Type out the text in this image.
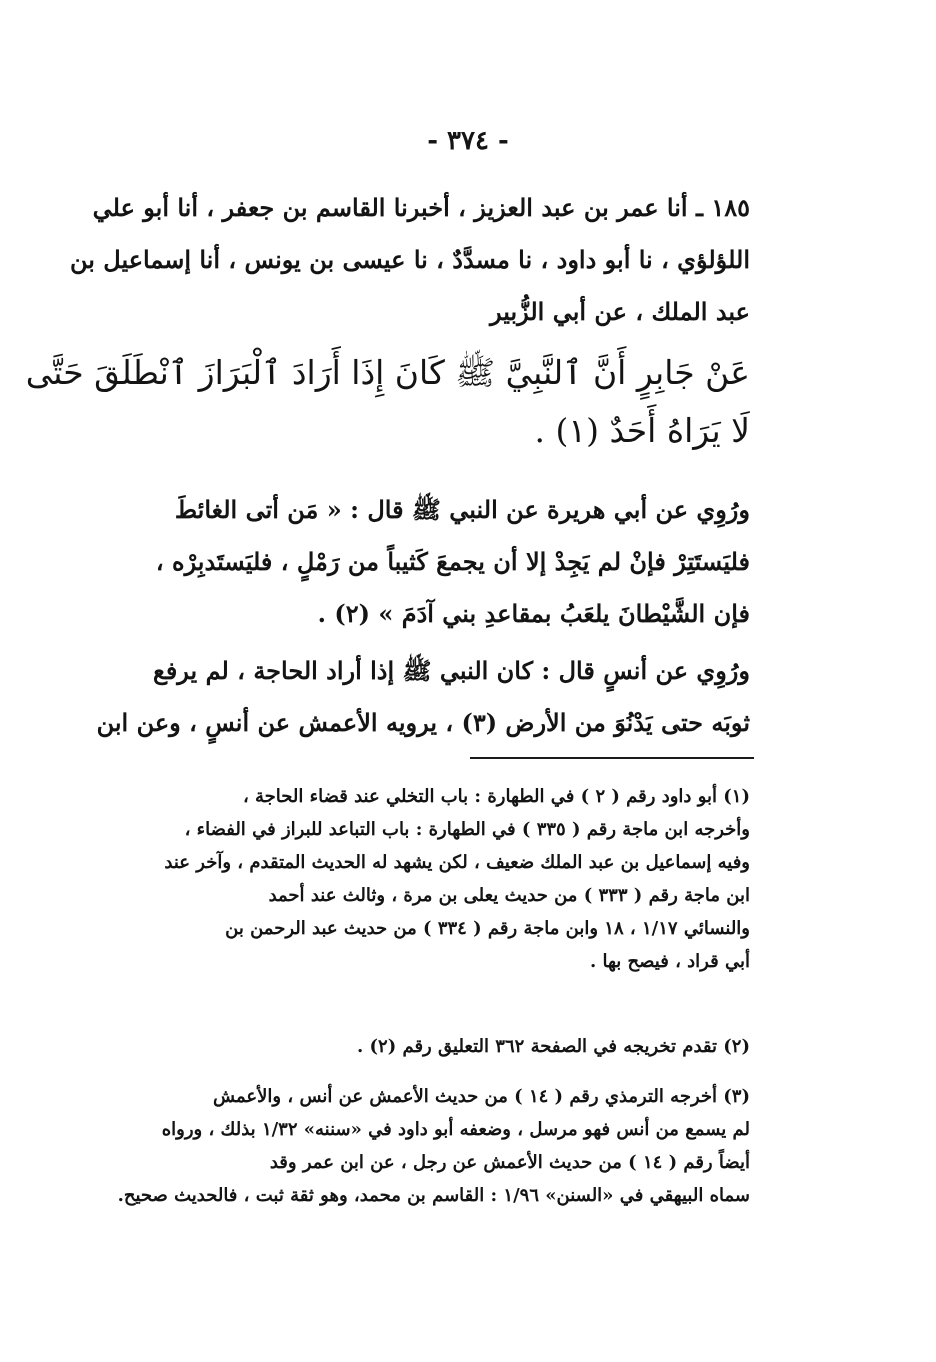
- ٣٧٤ -
١٨٥ ـ أنا عمر بن عبد العزيز ، أخبرنا القاسم بن جعفر ، أنا أبو علي
اللؤلؤي ، نا أبو داود ، نا مسدَّدٌ ، نا عيسى بن يونس ، أنا إسماعيل بن
عبد الملك ، عن أبي الزُّبير
عَنْ جَابِرٍ أَنَّ ٱلنَّبِيَّ ﷺ كَانَ إِذَا أَرَادَ ٱلْبَرَازَ ٱنْطَلَقَ حَتَّى
لَا يَرَاهُ أَحَدٌ (١) .
ورُوِي عن أبي هريرة عن النبي ﷺ قال : « مَن أتى الغائطَ
فليَستَتِرْ فإنْ لم يَجِدْ إلا أن يجمعَ كَثيباً من رَمْلٍ ، فليَستَدبِرْه ،
فإن الشَّيْطانَ يلعَبُ بمقاعدِ بني آدَمَ » (٢) .
ورُوِي عن أنسٍ قال : كان النبي ﷺ إذا أراد الحاجة ، لم يرفع
ثوبَه حتى يَدْنُوَ من الأرض (٣) ، يرويه الأعمش عن أنسٍ ، وعن ابن
(١) أبو داود رقم ( ٢ ) في الطهارة : باب التخلي عند قضاء الحاجة ،
وأخرجه ابن ماجة رقم ( ٣٣٥ ) في الطهارة : باب التباعد للبراز في الفضاء ،
وفيه إسماعيل بن عبد الملك ضعيف ، لكن يشهد له الحديث المتقدم ، وآخر عند
ابن ماجة رقم ( ٣٣٣ ) من حديث يعلى بن مرة ، وثالث عند أحمد
والنسائي ١/١٧ ، ١٨ وابن ماجة رقم ( ٣٣٤ ) من حديث عبد الرحمن بن
أبي قراد ، فيصح بها .
(٢) تقدم تخريجه في الصفحة ٣٦٢ التعليق رقم (٢) .
(٣) أخرجه الترمذي رقم ( ١٤ ) من حديث الأعمش عن أنس ، والأعمش
لم يسمع من أنس فهو مرسل ، وضعفه أبو داود في «سننه» ١/٣٢ بذلك ، ورواه
أيضاً رقم ( ١٤ ) من حديث الأعمش عن رجل ، عن ابن عمر وقد
سماه البيهقي في «السنن» ١/٩٦ : القاسم بن محمد، وهو ثقة ثبت ، فالحديث صحيح.
